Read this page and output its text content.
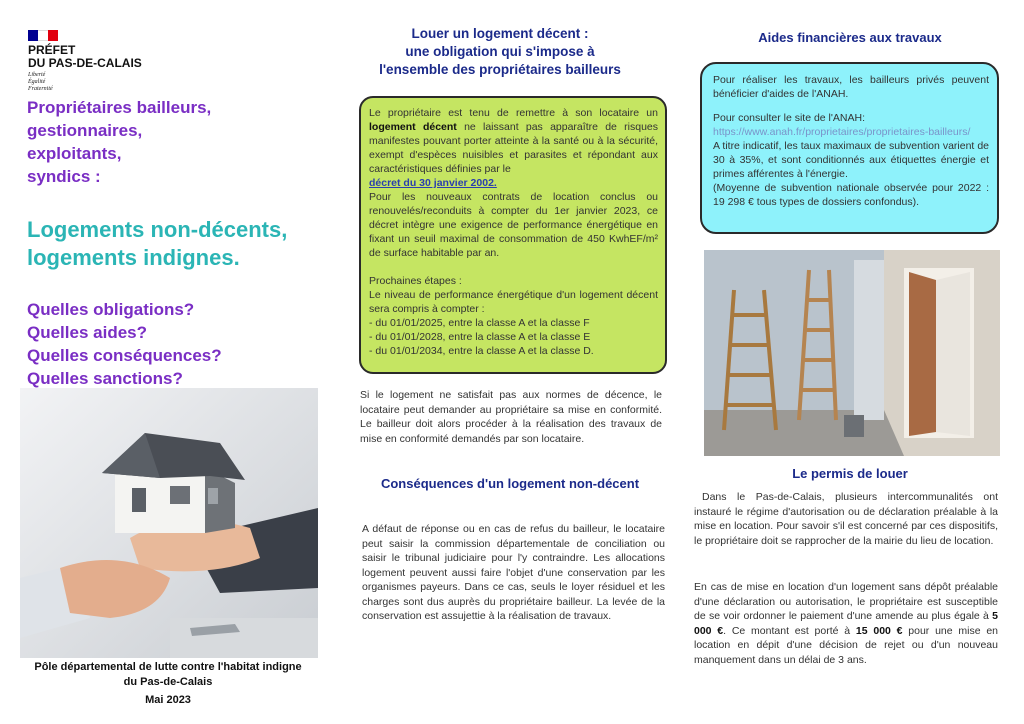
PRÉFET
DU PAS-DE-CALAIS
Liberté
Égalité
Fraternité
Propriétaires bailleurs,
gestionnaires,
exploitants,
syndics :
Logements non-décents,
logements indignes.
Quelles obligations?
Quelles aides?
Quelles conséquences?
Quelles sanctions?
Pôle départemental de lutte contre l'habitat indigne
du Pas-de-Calais
Mai 2023
Louer un logement décent :
une obligation qui s'impose à
l'ensemble des propriétaires bailleurs

Le propriétaire est tenu de remettre à son locataire un logement décent ne laissant pas apparaître de risques manifestes pouvant porter atteinte à la santé ou à la sécurité, exempt d'espèces nuisibles et parasites et répondant aux caractéristiques définies par le
décret du 30 janvier 2002.

Pour les nouveaux contrats de location conclus ou renouvelés/reconduits à compter du 1er janvier 2023, ce décret intègre une exigence de performance énergétique en fixant un seuil maximal de consommation de 450 KwhEF/m² de surface habitable par an.

Prochaines étapes :

Le niveau de performance énergétique d'un logement décent sera compris à compter :

- du 01/01/2025, entre la classe A et la classe F

- du 01/01/2028, entre la classe A et la classe E

- du 01/01/2034, entre la classe A et la classe D.

Si le logement ne satisfait pas aux normes de décence, le locataire peut demander au propriétaire sa mise en conformité. Le bailleur doit alors procéder à la réalisation des travaux de mise en conformité demandés par son locataire.
Conséquences d'un logement non-décent
A défaut de réponse ou en cas de refus du bailleur, le locataire peut saisir la commission départementale de conciliation ou saisir le tribunal judiciaire pour l'y contraindre. Les allocations logement peuvent aussi faire l'objet d'une conservation par les organismes payeurs. Dans ce cas, seuls le loyer résiduel et les charges sont dus auprès du propriétaire bailleur. La levée de la conservation est assujettie à la réalisation de travaux.
Aides financières aux travaux

Pour réaliser les travaux, les bailleurs privés peuvent bénéficier d'aides de l'ANAH.

Pour consulter le site de l'ANAH:

https://www.anah.fr/proprietaires/proprietaires-bailleurs/

A titre indicatif, les taux maximaux de subvention varient de 30 à 35%, et sont conditionnés aux étiquettes énergie et primes afférentes à l'énergie.

(Moyenne de subvention nationale observée pour 2022 : 19 298 € tous types de dossiers confondus).

Le permis de louer
Dans le Pas-de-Calais, plusieurs intercommunalités ont instauré le régime d'autorisation ou de déclaration préalable à la mise en location. Pour savoir s'il est concerné par ces dispositifs, le propriétaire doit se rapprocher de la mairie du lieu de location.
En cas de mise en location d'un logement sans dépôt préalable d'une déclaration ou autorisation, le propriétaire est susceptible de se voir ordonner le paiement d'une amende au plus égale à 5 000 €. Ce montant est porté à 15 000 € pour une mise en location en dépit d'une décision de rejet ou d'un nouveau manquement dans un délai de 3 ans.
